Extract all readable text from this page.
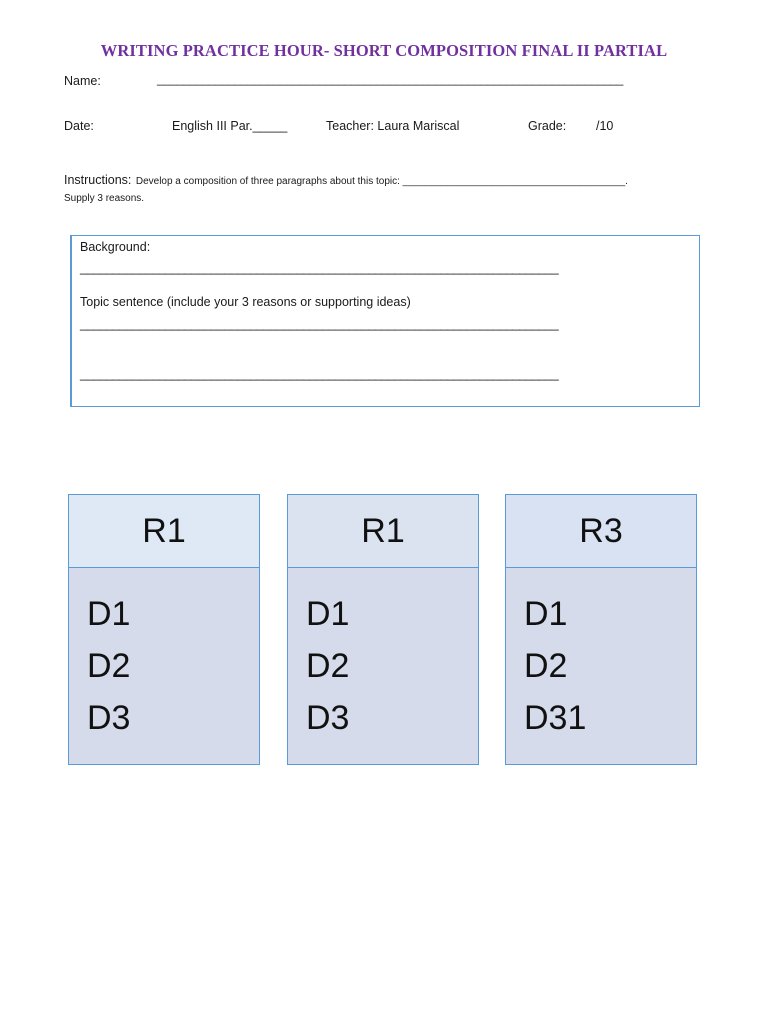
WRITING PRACTICE HOUR- SHORT COMPOSITION FINAL II PARTIAL
Name:	________________________________________________________________________
Date:	English III Par._____	Teacher: Laura Mariscal	Grade: /10
Instructions: Develop a composition of three paragraphs about this topic: ________________________________________.
Supply 3 reasons.
Background:
_________________________________________________________________________
Topic sentence (include your 3 reasons or supporting ideas)
_________________________________________________________________________
_________________________________________________________________________
R1
D1
D2
D3
R1
D1
D2
D3
R3
D1
D2
D31
